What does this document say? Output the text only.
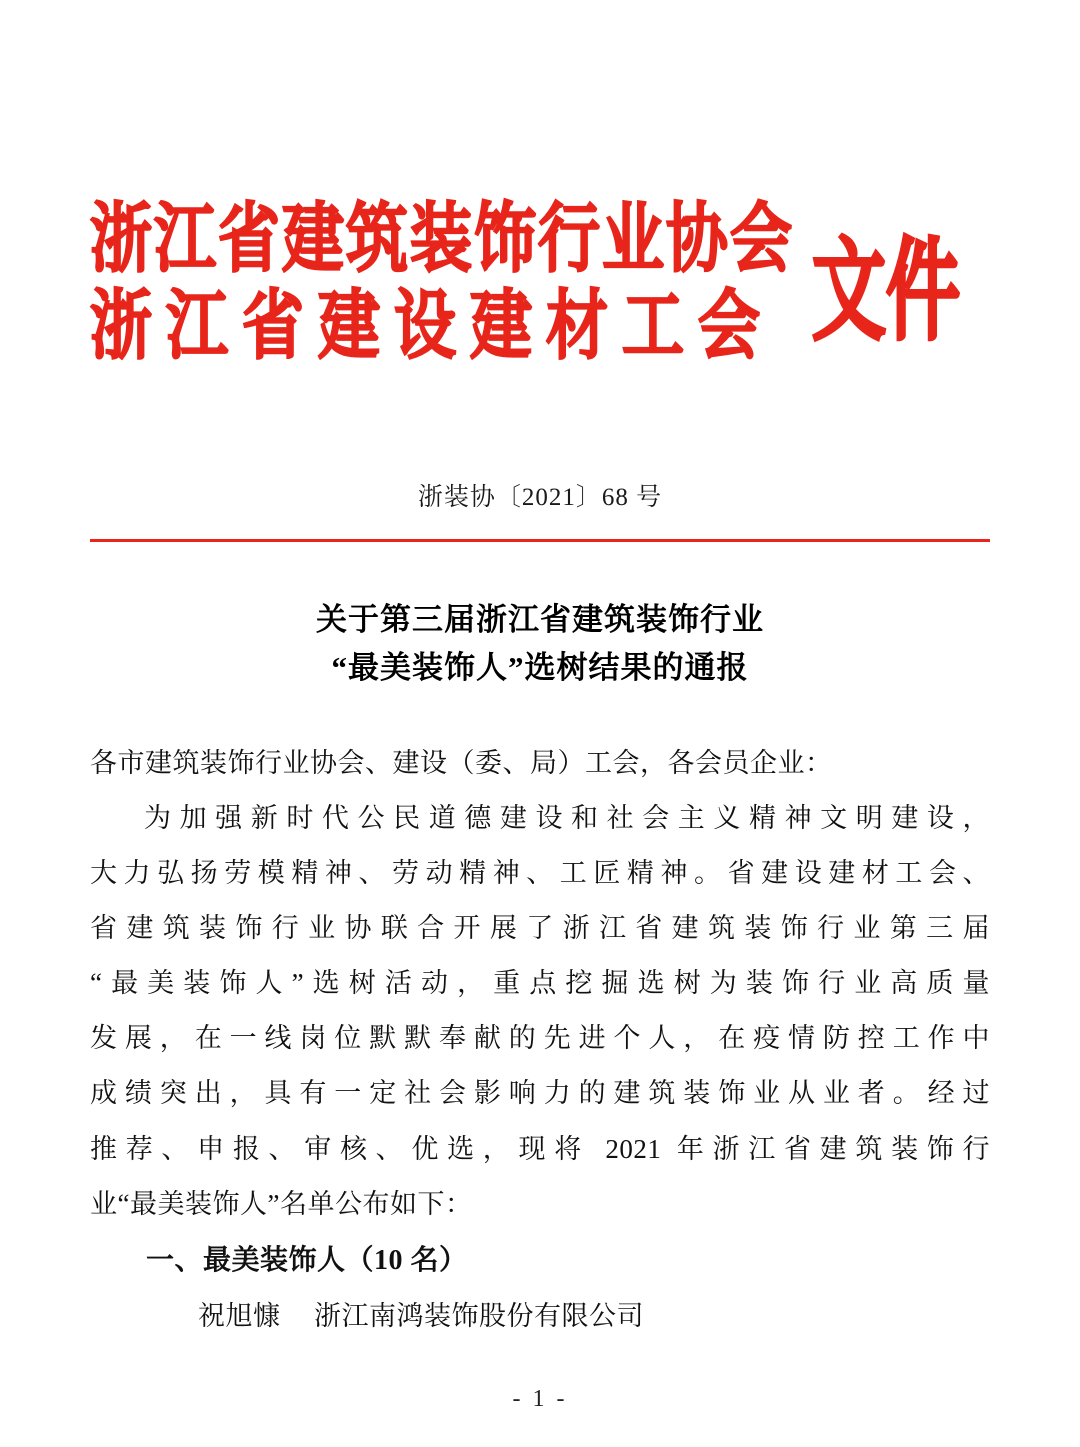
浙江省建筑装饰行业协会
浙江省建设建材工会 文件
浙装协〔2021〕68 号
关于第三届浙江省建筑装饰行业
“最美装饰人”选树结果的通报

各市建筑装饰行业协会、建设（委、局）工会，各会员企业：

为加强新时代公民道德建设和社会主义精神文明建设，

大力弘扬劳模精神、劳动精神、工匠精神。省建设建材工会、

省建筑装饰行业协联合开展了浙江省建筑装饰行业第三届

“最美装饰人”选树活动，重点挖掘选树为装饰行业高质量

发展，在一线岗位默默奉献的先进个人，在疫情防控工作中

成绩突出，具有一定社会影响力的建筑装饰业从业者。经过

推荐、申报、审核、优选，现将 2021 年浙江省建筑装饰行

业“最美装饰人”名单公布如下：

一、最美装饰人（10 名）

祝旭慷 浙江南鸿装饰股份有限公司

- 1 -
